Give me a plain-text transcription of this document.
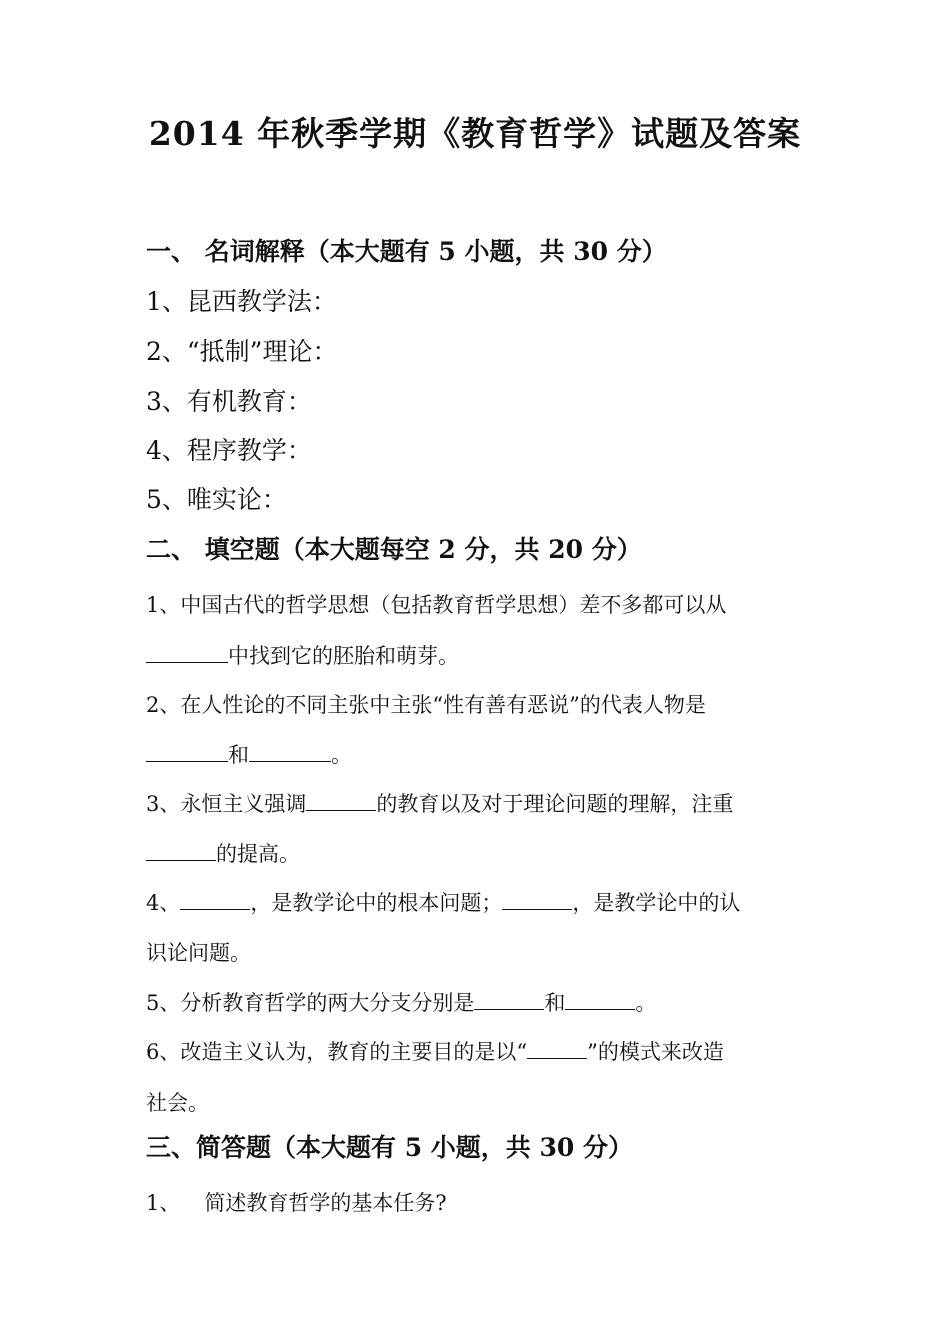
2014 年秋季学期《教育哲学》试题及答案
一、 名词解释（本大题有 5 小题，共 30 分）
1、昆西教学法：
2、“抵制”理论：
3、有机教育：
4、程序教学：
5、唯实论：
二、 填空题（本大题每空 2 分，共 20 分）
1、中国古代的哲学思想（包括教育哲学思想）差不多都可以从
中找到它的胚胎和萌芽。
2、在人性论的不同主张中主张“性有善有恶说”的代表人物是
和	。
3、永恒主义强调	的教育以及对于理论问题的理解，注重
的提高。
4、	，是教学论中的根本问题；	，是教学论中的认
识论问题。
5、分析教育哲学的两大分支分别是	和	。
6、改造主义认为，教育的主要目的是以“	”的模式来改造
社会。
三、简答题（本大题有 5 小题，共 30 分）
1、 简述教育哲学的基本任务?
